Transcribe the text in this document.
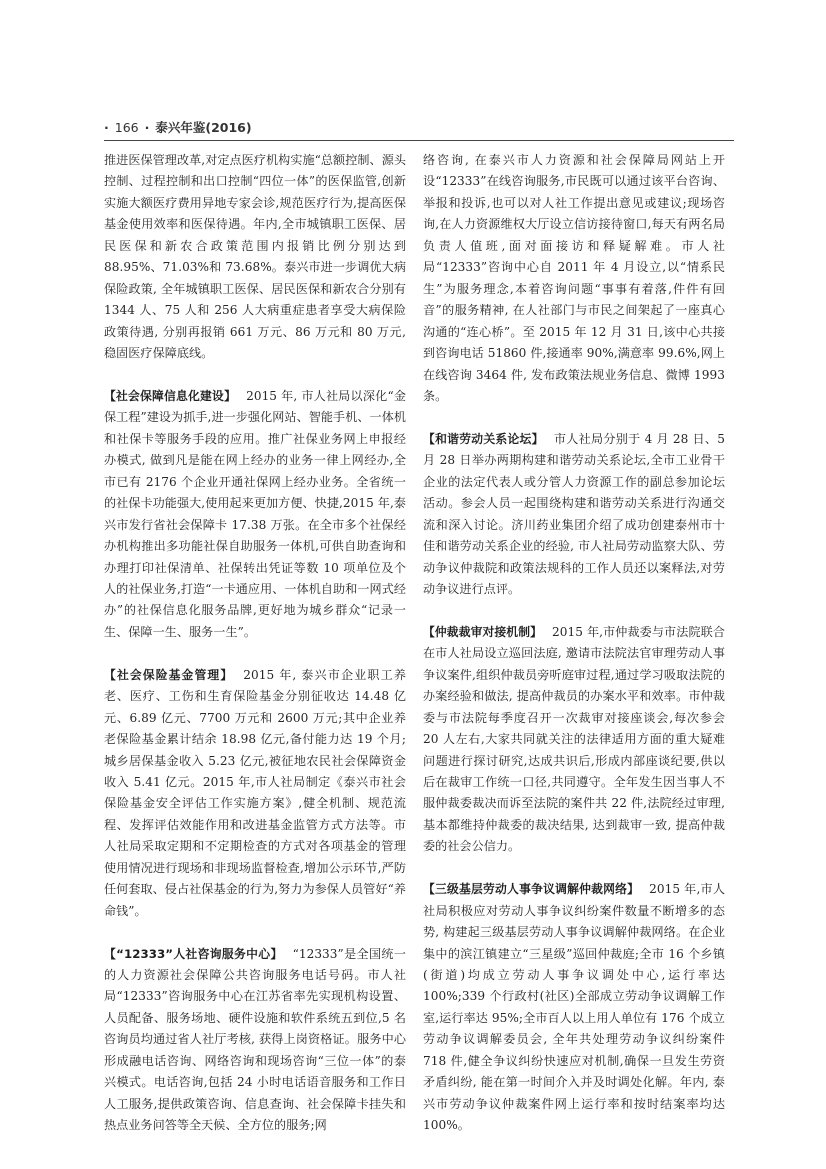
· 166 · 泰兴年鉴(2016)

推进医保管理改革,对定点医疗机构实施“总额控制、源头控制、过程控制和出口控制“四位一体”的医保监管,创新实施大额医疗费用异地专家会诊,规范医疗行为,提高医保基金使用效率和医保待遇。年内,全市城镇职工医保、居民医保和新农合政策范围内报销比例分别达到 88.95%、71.03%和 73.68%。泰兴市进一步调优大病保险政策, 全年城镇职工医保、居民医保和新农合分别有 1344 人、75 人和 256 人大病重症患者享受大病保险政策待遇, 分别再报销 661 万元、86 万元和 80 万元,稳固医疗保障底线。

【 社会保障信息化建设 】 2015 年, 市人社局以深化“金保工程”建设为抓手,进一步强化网站、智能手机、一体机和社保卡等服务手段的应用。推广社保业务网上申报经办模式, 做到凡是能在网上经办的业务一律上网经办,全市已有 2176 个企业开通社保网上经办业务。全省统一的社保卡功能强大,使用起来更加方便、快捷,2015 年,泰兴市发行省社会保障卡 17.38 万张。在全市多个社保经办机构推出多功能社保自助服务一体机,可供自助查询和办理打印社保清单、社保转出凭证等数 10 项单位及个人的社保业务,打造“一卡通应用、一体机自助和一网式经办”的社保信息化服务品牌,更好地为城乡群众“记录一生、保障一生、服务一生”。

【 社会保险基金管理 】 2015 年, 泰兴市企业职工养老、医疗、工伤和生育保险基金分别征收达 14.48 亿元、6.89 亿元、7700 万元和 2600 万元;其中企业养老保险基金累计结余 18.98 亿元,备付能力达 19 个月;城乡居保基金收入 5.23 亿元,被征地农民社会保障资金收入 5.41 亿元。2015 年,市人社局制定《泰兴市社会保险基金安全评估工作实施方案》,健全机制、规范流程、发挥评估效能作用和改进基金监管方式方法等。市人社局采取定期和不定期检查的方式对各项基金的管理使用情况进行现场和非现场监督检查,增加公示环节,严防任何套取、侵占社保基金的行为,努力为参保人员管好“养命钱”。

【 “12333”人社咨询服务中心 】 “12333”是全国统一的人力资源社会保障公共咨询服务电话号码。市人社局“12333”咨询服务中心在江苏省率先实现机构设置、人员配备、服务场地、硬件设施和软件系统五到位,5 名咨询员均通过省人社厅考核, 获得上岗资格证。服务中心形成融电话咨询、网络咨询和现场咨询“三位一体”的泰兴模式。电话咨询,包括 24 小时电话语音服务和工作日人工服务,提供政策咨询、信息查询、社会保障卡挂失和热点业务问答等全天候、全方位的服务;网

络咨询, 在泰兴市人力资源和社会保障局网站上开设“12333”在线咨询服务,市民既可以通过该平台咨询、举报和投诉,也可以对人社工作提出意见或建议;现场咨询,在人力资源维权大厅设立信访接待窗口,每天有两名局负责人值班,面对面接访和释疑解难。市人社局“12333”咨询中心自 2011 年 4 月设立,以“情系民生”为服务理念,本着咨询问题“事事有着落,件件有回音”的服务精神, 在人社部门与市民之间架起了一座真心沟通的“连心桥”。至 2015 年 12 月 31 日,该中心共接到咨询电话 51860 件,接通率 90%,满意率 99.6%,网上在线咨询 3464 件, 发布政策法规业务信息、微博 1993 条。

【 和谐劳动关系论坛 】 市人社局分别于 4 月 28 日、5 月 28 日举办两期构建和谐劳动关系论坛,全市工业骨干企业的法定代表人或分管人力资源工作的副总参加论坛活动。参会人员一起围绕构建和谐劳动关系进行沟通交流和深入讨论。济川药业集团介绍了成功创建泰州市十佳和谐劳动关系企业的经验, 市人社局劳动监察大队、劳动争议仲裁院和政策法规科的工作人员还以案释法,对劳动争议进行点评。

【 仲裁裁审对接机制 】 2015 年,市仲裁委与市法院联合在市人社局设立巡回法庭, 邀请市法院法官审理劳动人事争议案件,组织仲裁员旁听庭审过程,通过学习吸取法院的办案经验和做法, 提高仲裁员的办案水平和效率。市仲裁委与市法院每季度召开一次裁审对接座谈会,每次参会 20 人左右,大家共同就关注的法律适用方面的重大疑难问题进行探讨研究,达成共识后,形成内部座谈纪要,供以后在裁审工作统一口径,共同遵守。全年发生因当事人不服仲裁委裁决而诉至法院的案件共 22 件,法院经过审理,基本都维持仲裁委的裁决结果, 达到裁审一致, 提高仲裁委的社会公信力。

【 三级基层劳动人事争议调解仲裁网络 】 2015 年,市人社局积极应对劳动人事争议纠纷案件数量不断增多的态势, 构建起三级基层劳动人事争议调解仲裁网络。在企业集中的滨江镇建立“三星级”巡回仲裁庭;全市 16 个乡镇(街道)均成立劳动人事争议调处中心,运行率达 100%;339 个行政村(社区)全部成立劳动争议调解工作室,运行率达 95%;全市百人以上用人单位有 176 个成立劳动争议调解委员会, 全年共处理劳动争议纠纷案件 718 件,健全争议纠纷快速应对机制,确保一旦发生劳资矛盾纠纷, 能在第一时间介入并及时调处化解。年内, 泰兴市劳动争议仲裁案件网上运行率和按时结案率均达 100%。
